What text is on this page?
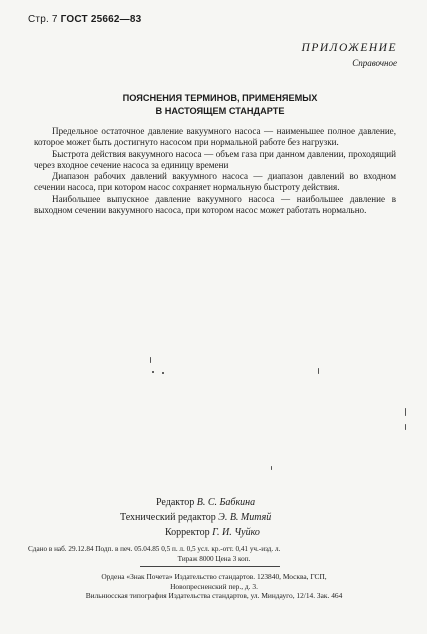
Стр. 7 ГОСТ 25662—83
ПРИЛОЖЕНИЕ
Справочное
ПОЯСНЕНИЯ ТЕРМИНОВ, ПРИМЕНЯЕМЫХ
В НАСТОЯЩЕМ СТАНДАРТЕ

Предельное остаточное давление вакуумного насоса — наименьшее полное давление, которое может быть достигнуто насосом при нормальной работе без нагрузки.

Быстрота действия вакуумного насоса — объем газа при данном давлении, проходящий через входное сечение насоса за единицу времени

Диапазон рабочих давлений вакуумного насоса — диапазон давлений во входном сечении насоса, при котором насос сохраняет нормальную быстроту действия.

Наибольшее выпускное давление вакуумного насоса — наибольшее давление в выходном сечении вакуумного насоса, при котором насос может работать нормально.

Редактор В. С. Бабкина
Технический редактор Э. В. Митяй
Корректор Г. И. Чуйко
Сдано в наб. 29.12.84 Подп. в печ. 05.04.85 0,5 п. л. 0,5 усл. кр.-отт. 0,41 уч.-изд. л.
Тираж 8000 Цена 3 коп.
Ордена «Знак Почета» Издательство стандартов. 123840, Москва, ГСП,
Новопресненский пер., д. 3.
Вильнюсская типография Издательства стандартов, ул. Миндауго, 12/14. Зак. 464
